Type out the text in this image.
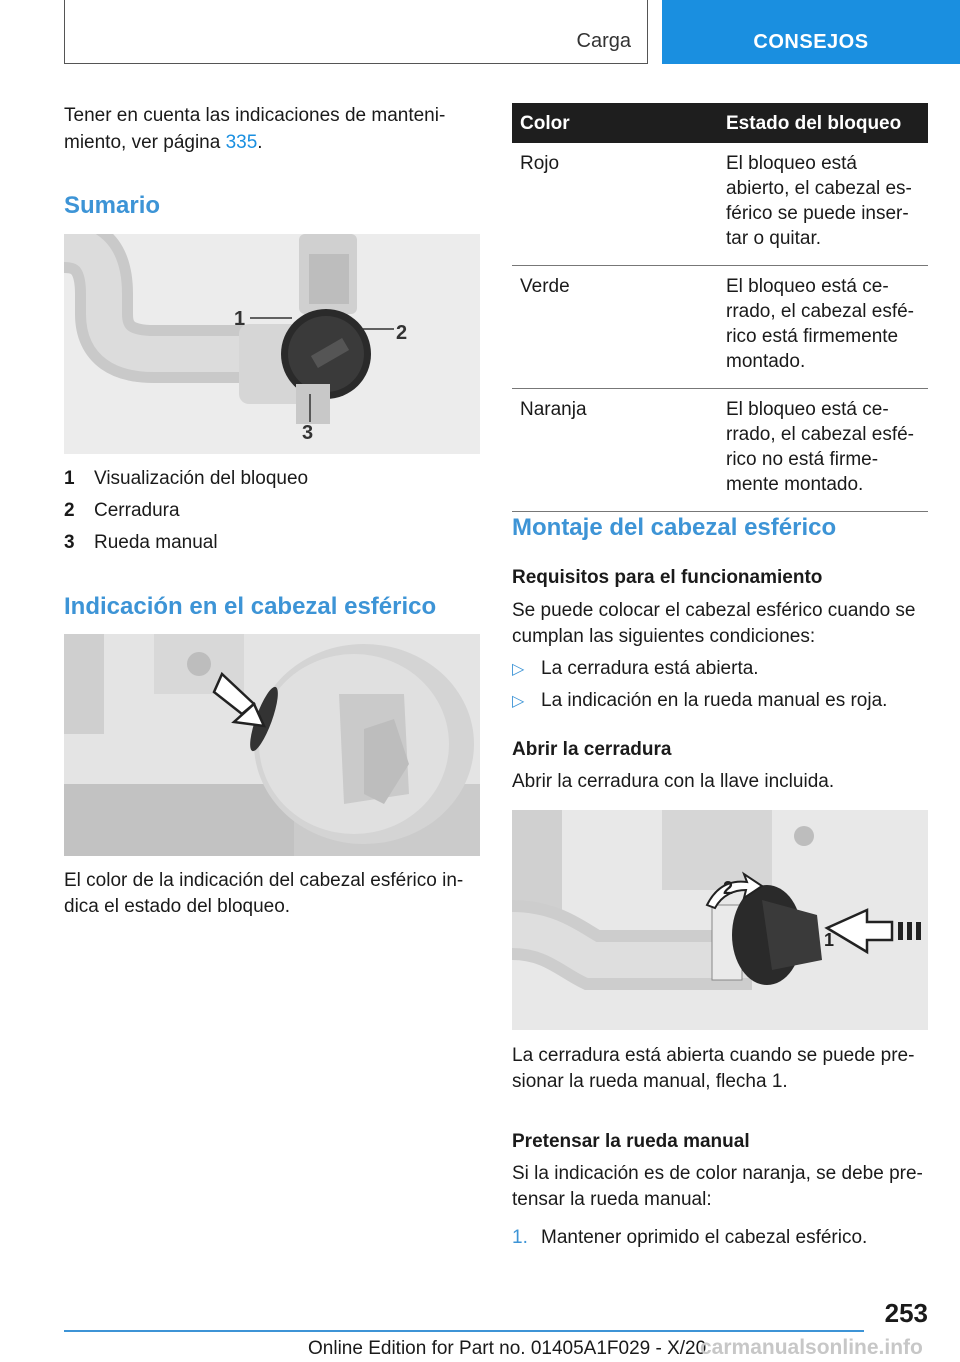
Carga	CONSEJOS
Tener en cuenta las indicaciones de manteni-
miento, ver página 335.
Sumario
1
2
3
1 Visualización del bloqueo
2 Cerradura
3 Rueda manual
Indicación en el cabezal esférico
El color de la indicación del cabezal esférico in-
dica el estado del bloqueo.
Color	Estado del bloqueo
Rojo	El bloqueo está
abierto, el cabezal es-
férico se puede inser-
tar o quitar.

Verde	El bloqueo está ce-
rrado, el cabezal esfé-
rico está firmemente
montado.

Naranja	El bloqueo está ce-
rrado, el cabezal esfé-
rico no está firme-
mente montado.
Montaje del cabezal esférico
Requisitos para el funcionamiento
Se puede colocar el cabezal esférico cuando se
cumplan las siguientes condiciones:
▷ La cerradura está abierta.
▷ La indicación en la rueda manual es roja.
Abrir la cerradura
Abrir la cerradura con la llave incluida.
2
1
La cerradura está abierta cuando se puede pre-
sionar la rueda manual, flecha 1.
Pretensar la rueda manual
Si la indicación es de color naranja, se debe pre-
tensar la rueda manual:
1. Mantener oprimido el cabezal esférico.
253
Online Edition for Part no. 01405A1F029 - X/20
carmanualsonline.info
